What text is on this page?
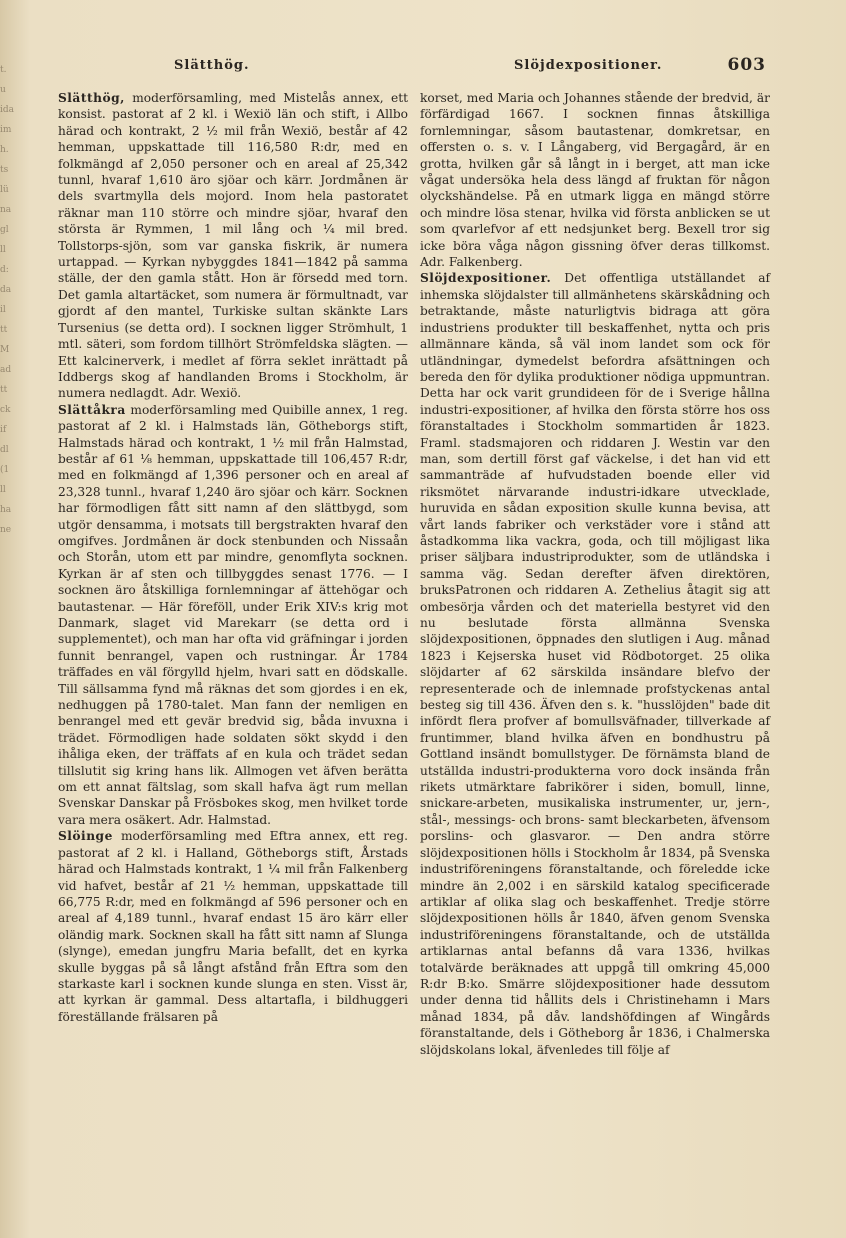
t.
u
ida
im
h.
ts
lü
na
gl
ll
d:
da
il
tt
M
ad
tt
ck
if
dl
(1
ll
ha
ne
Slätthög.	Slöjdexpositioner.	603

Slätthög, moderförsamling, med Mistelås annex, ett konsist. pastorat af 2 kl. i Wexiö län och stift, i Allbo härad och kontrakt, 2 ½ mil från Wexiö, består af 42 hemman, uppskattade till 116,580 R:dr, med en folkmängd af 2,050 personer och en areal af 25,342 tunnl, hvaraf 1,610 äro sjöar och kärr. Jordmånen är dels svartmylla dels mojord. Inom hela pastoratet räknar man 110 större och mindre sjöar, hvaraf den största är Rymmen, 1 mil lång och ¼ mil bred. Tollstorps-sjön, som var ganska fiskrik, är numera urtappad. — Kyrkan nybyggdes 1841—1842 på samma ställe, der den gamla stått. Hon är försedd med torn. Det gamla altartäcket, som numera är förmultnadt, var gjordt af den mantel, Turkiske sultan skänkte Lars Tursenius (se detta ord). I socknen ligger Strömhult, 1 mtl. säteri, som fordom tillhört Strömfeldska slägten. — Ett kalcinerverk, i medlet af förra seklet inrättadt på Iddbergs skog af handlanden Broms i Stockholm, är numera nedlagdt. Adr. Wexiö.

Slättåkra moderförsamling med Quibille annex, 1 reg. pastorat af 2 kl. i Halmstads län, Götheborgs stift, Halmstads härad och kontrakt, 1 ½ mil från Halmstad, består af 61 ⅛ hemman, uppskattade till 106,457 R:dr, med en folkmängd af 1,396 personer och en areal af 23,328 tunnl., hvaraf 1,240 äro sjöar och kärr. Socknen har förmodligen fått sitt namn af den slättbygd, som utgör densamma, i motsats till bergstrakten hvaraf den omgifves. Jordmånen är dock stenbunden och Nissaån och Storån, utom ett par mindre, genomflyta socknen. Kyrkan är af sten och tillbyggdes senast 1776. — I socknen äro åtskilliga fornlemningar af ättehögar och bautastenar. — Här föreföll, under Erik XIV:s krig mot Danmark, slaget vid Marekarr (se detta ord i supplementet), och man har ofta vid gräfningar i jorden funnit benrangel, vapen och rustningar. År 1784 träffades en väl förgylld hjelm, hvari satt en dödskalle. Till sällsamma fynd må räknas det som gjordes i en ek, nedhuggen på 1780-talet. Man fann der nemligen en benrangel med ett gevär bredvid sig, båda invuxna i trädet. Förmodligen hade soldaten sökt skydd i den ihåliga eken, der träffats af en kula och trädet sedan tillslutit sig kring hans lik. Allmogen vet äfven berätta om ett annat fältslag, som skall hafva ägt rum mellan Svenskar Danskar på Frösbokes skog, men hvilket torde vara mera osäkert. Adr. Halmstad.

Slöinge moderförsamling med Eftra annex, ett reg. pastorat af 2 kl. i Halland, Götheborgs stift, Årstads härad och Halmstads kontrakt, 1 ¼ mil från Falkenberg vid hafvet, består af 21 ½ hemman, uppskattade till 66,775 R:dr, med en folkmängd af 596 personer och en areal af 4,189 tunnl., hvaraf endast 15 äro kärr eller oländig mark. Socknen skall ha fått sitt namn af Slunga (slynge), emedan jungfru Maria befallt, det en kyrka skulle byggas på så långt afstånd från Eftra som den starkaste karl i socknen kunde slunga en sten. Visst är, att kyrkan är gammal. Dess altartafla, i bildhuggeri föreställande frälsaren på

korset, med Maria och Johannes stående der bredvid, är förfärdigad 1667. I socknen finnas åtskilliga fornlemningar, såsom bautastenar, domkretsar, en offersten o. s. v. I Långaberg, vid Bergagård, är en grotta, hvilken går så långt in i berget, att man icke vågat undersöka hela dess längd af fruktan för någon olyckshändelse. På en utmark ligga en mängd större och mindre lösa stenar, hvilka vid första anblicken se ut som qvarlefvor af ett nedsjunket berg. Bexell tror sig icke böra våga någon gissning öfver deras tillkomst. Adr. Falkenberg.

Slöjdexpositioner. Det offentliga utställandet af inhemska slöjdalster till allmänhetens skärskådning och betraktande, måste naturligtvis bidraga att göra industriens produkter till beskaffenhet, nytta och pris allmännare kända, så väl inom landet som ock för utländningar, dymedelst befordra afsättningen och bereda den för dylika produktioner nödiga uppmuntran. Detta har ock varit grundideen för de i Sverige hållna industri-expositioner, af hvilka den första större hos oss föranstaltades i Stockholm sommartiden år 1823. Framl. stadsmajoren och riddaren J. Westin var den man, som dertill först gaf väckelse, i det han vid ett sammanträde af hufvudstaden boende eller vid riksmötet närvarande industri-idkare utvecklade, huruvida en sådan exposition skulle kunna bevisa, att vårt lands fabriker och verkstäder vore i stånd att åstadkomma lika vackra, goda, och till möjligast lika priser säljbara industriprodukter, som de utländska i samma väg. Sedan derefter äfven direktören, bruksPatronen och riddaren A. Zethelius åtagit sig att ombesörja vården och det materiella bestyret vid den nu beslutade första allmänna Svenska slöjdexpositionen, öppnades den slutligen i Aug. månad 1823 i Kejserska huset vid Rödbotorget. 25 olika slöjdarter af 62 särskilda insändare blefvo der representerade och de inlemnade profstyckenas antal besteg sig till 436. Äfven den s. k. "husslöjden" bade dit infördt flera profver af bomullsväfnader, tillverkade af fruntimmer, bland hvilka äfven en bondhustru på Gottland insändt bomullstyger. De förnämsta bland de utställda industri-produkterna voro dock insända från rikets utmärktare fabrikörer i siden, bomull, linne, snickare-arbeten, musikaliska instrumenter, ur, jern-, stål-, messings- och brons- samt bleckarbeten, äfvensom porslins- och glasvaror. — Den andra större slöjdexpositionen hölls i Stockholm år 1834, på Svenska industriföreningens föranstaltande, och föreledde icke mindre än 2,002 i en särskild katalog specificerade artiklar af olika slag och beskaffenhet. Tredje större slöjdexpositionen hölls år 1840, äfven genom Svenska industriföreningens föranstaltande, och de utställda artiklarnas antal befanns då vara 1336, hvilkas totalvärde beräknades att uppgå till omkring 45,000 R:dr B:ko. Smärre slöjdexpositioner hade dessutom under denna tid hållits dels i Christinehamn i Mars månad 1834, på dåv. landshöfdingen af Wingårds föranstaltande, dels i Götheborg år 1836, i Chalmerska slöjdskolans lokal, äfvenledes till följe af
